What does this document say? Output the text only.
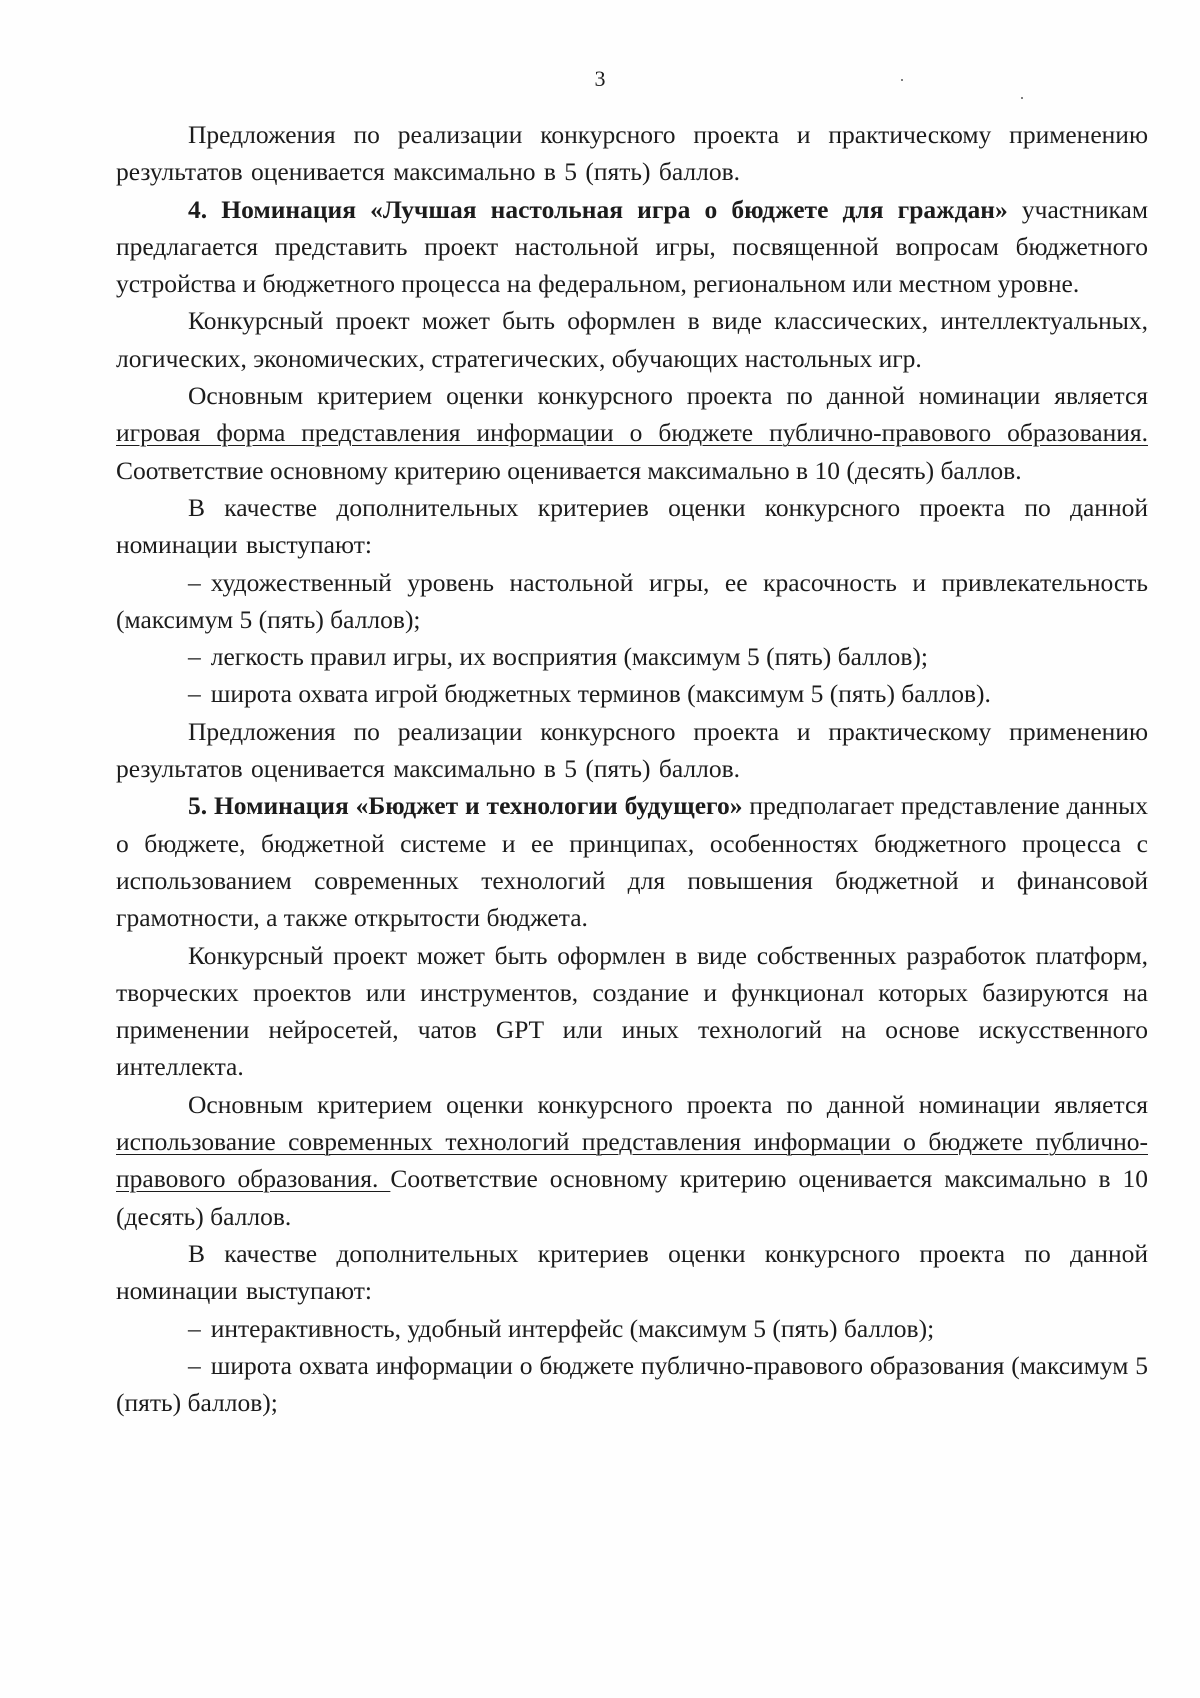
3

Предложения по реализации конкурсного проекта и практическому применению результатов оценивается максимально в 5 (пять) баллов.

4. Номинация «Лучшая настольная игра о бюджете для граждан» участникам предлагается представить проект настольной игры, посвященной вопросам бюджетного устройства и бюджетного процесса на федеральном, региональном или местном уровне.

Конкурсный проект может быть оформлен в виде классических, интеллектуальных, логических, экономических, стратегических, обучающих настольных игр.

Основным критерием оценки конкурсного проекта по данной номинации является игровая форма представления информации о бюджете публично-правового образования. Соответствие основному критерию оценивается максимально в 10 (десять) баллов.

В качестве дополнительных критериев оценки конкурсного проекта по данной номинации выступают:

– художественный уровень настольной игры, ее красочность и привлекательность (максимум 5 (пять) баллов);

– легкость правил игры, их восприятия (максимум 5 (пять) баллов);

– широта охвата игрой бюджетных терминов (максимум 5 (пять) баллов).

Предложения по реализации конкурсного проекта и практическому применению результатов оценивается максимально в 5 (пять) баллов.

5. Номинация «Бюджет и технологии будущего» предполагает представление данных о бюджете, бюджетной системе и ее принципах, особенностях бюджетного процесса с использованием современных технологий для повышения бюджетной и финансовой грамотности, а также открытости бюджета.

Конкурсный проект может быть оформлен в виде собственных разработок платформ, творческих проектов или инструментов, создание и функционал которых базируются на применении нейросетей, чатов GPT или иных технологий на основе искусственного интеллекта.

Основным критерием оценки конкурсного проекта по данной номинации является использование современных технологий представления информации о бюджете публично-правового образования. Соответствие основному критерию оценивается максимально в 10 (десять) баллов.

В качестве дополнительных критериев оценки конкурсного проекта по данной номинации выступают:

– интерактивность, удобный интерфейс (максимум 5 (пять) баллов);

– широта охвата информации о бюджете публично-правового образования (максимум 5 (пять) баллов);
